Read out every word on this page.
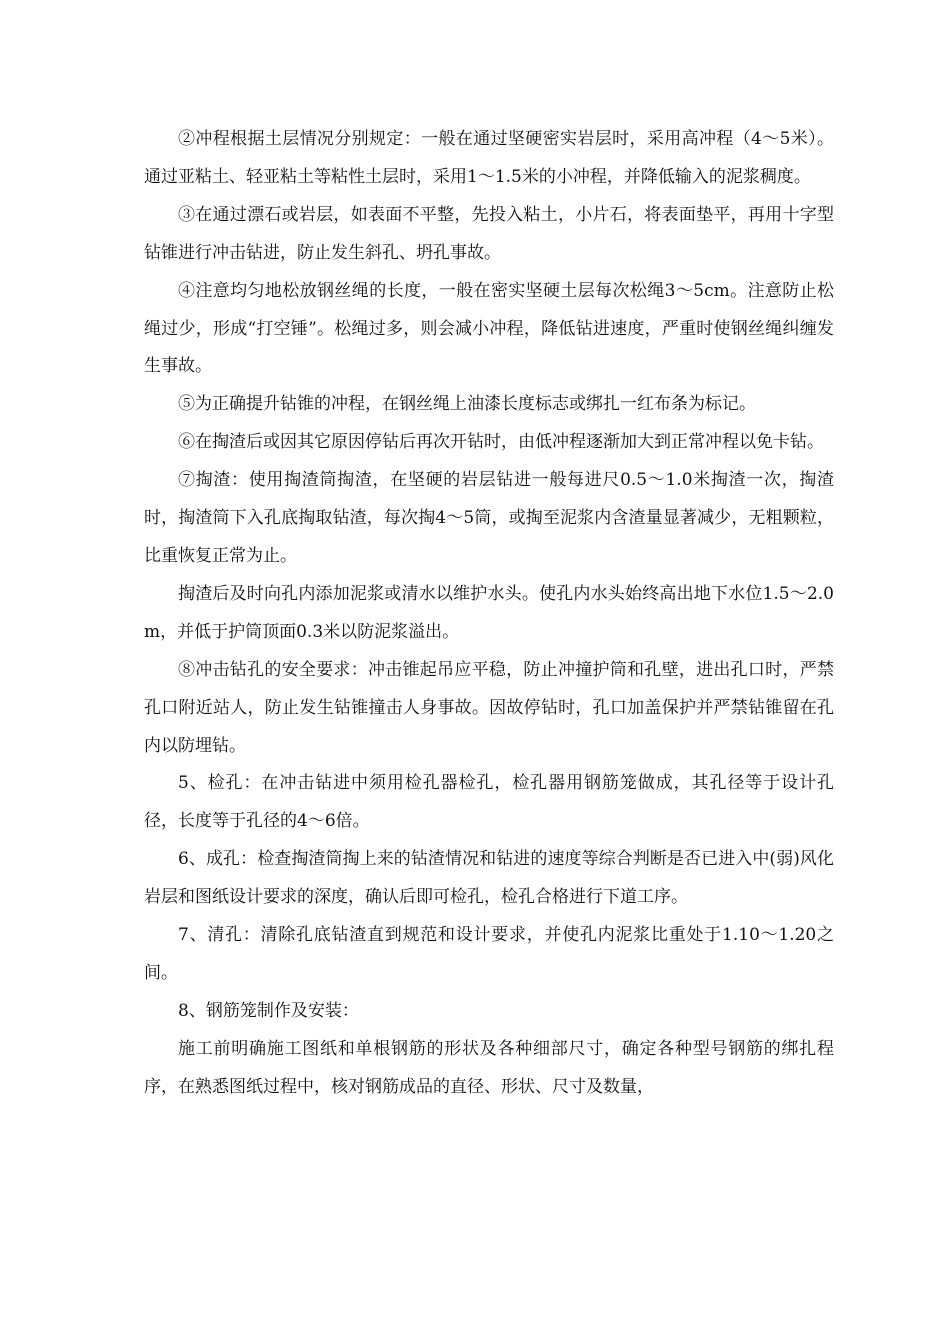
②冲程根据土层情况分别规定：一般在通过坚硬密实岩层时，采用高冲程（4～5米）。通过亚粘土、轻亚粘土等粘性土层时，采用1～1.5米的小冲程，并降低输入的泥浆稠度。

③在通过漂石或岩层，如表面不平整，先投入粘土，小片石，将表面垫平，再用十字型钻锥进行冲击钻进，防止发生斜孔、坍孔事故。

④注意均匀地松放钢丝绳的长度，一般在密实坚硬土层每次松绳3～5cm。注意防止松绳过少，形成“打空锤”。松绳过多，则会减小冲程，降低钻进速度，严重时使钢丝绳纠缠发生事故。

⑤为正确提升钻锥的冲程，在钢丝绳上油漆长度标志或绑扎一红布条为标记。

⑥在掏渣后或因其它原因停钻后再次开钻时，由低冲程逐渐加大到正常冲程以免卡钻。

⑦掏渣：使用掏渣筒掏渣，在坚硬的岩层钻进一般每进尺0.5～1.0米掏渣一次，掏渣时，掏渣筒下入孔底掏取钻渣，每次掏4～5筒，或掏至泥浆内含渣量显著减少，无粗颗粒，比重恢复正常为止。

掏渣后及时向孔内添加泥浆或清水以维护水头。使孔内水头始终高出地下水位1.5～2.0m，并低于护筒顶面0.3米以防泥浆溢出。

⑧冲击钻孔的安全要求：冲击锥起吊应平稳，防止冲撞护筒和孔壁，进出孔口时，严禁孔口附近站人，防止发生钻锥撞击人身事故。因故停钻时，孔口加盖保护并严禁钻锥留在孔内以防埋钻。

5、检孔：在冲击钻进中须用检孔器检孔，检孔器用钢筋笼做成，其孔径等于设计孔径，长度等于孔径的4～6倍。

6、成孔：检查掏渣筒掏上来的钻渣情况和钻进的速度等综合判断是否已进入中(弱)风化岩层和图纸设计要求的深度，确认后即可检孔，检孔合格进行下道工序。

7、清孔：清除孔底钻渣直到规范和设计要求，并使孔内泥浆比重处于1.10～1.20之间。

8、钢筋笼制作及安装：

施工前明确施工图纸和单根钢筋的形状及各种细部尺寸，确定各种型号钢筋的绑扎程序，在熟悉图纸过程中，核对钢筋成品的直径、形状、尺寸及数量，
